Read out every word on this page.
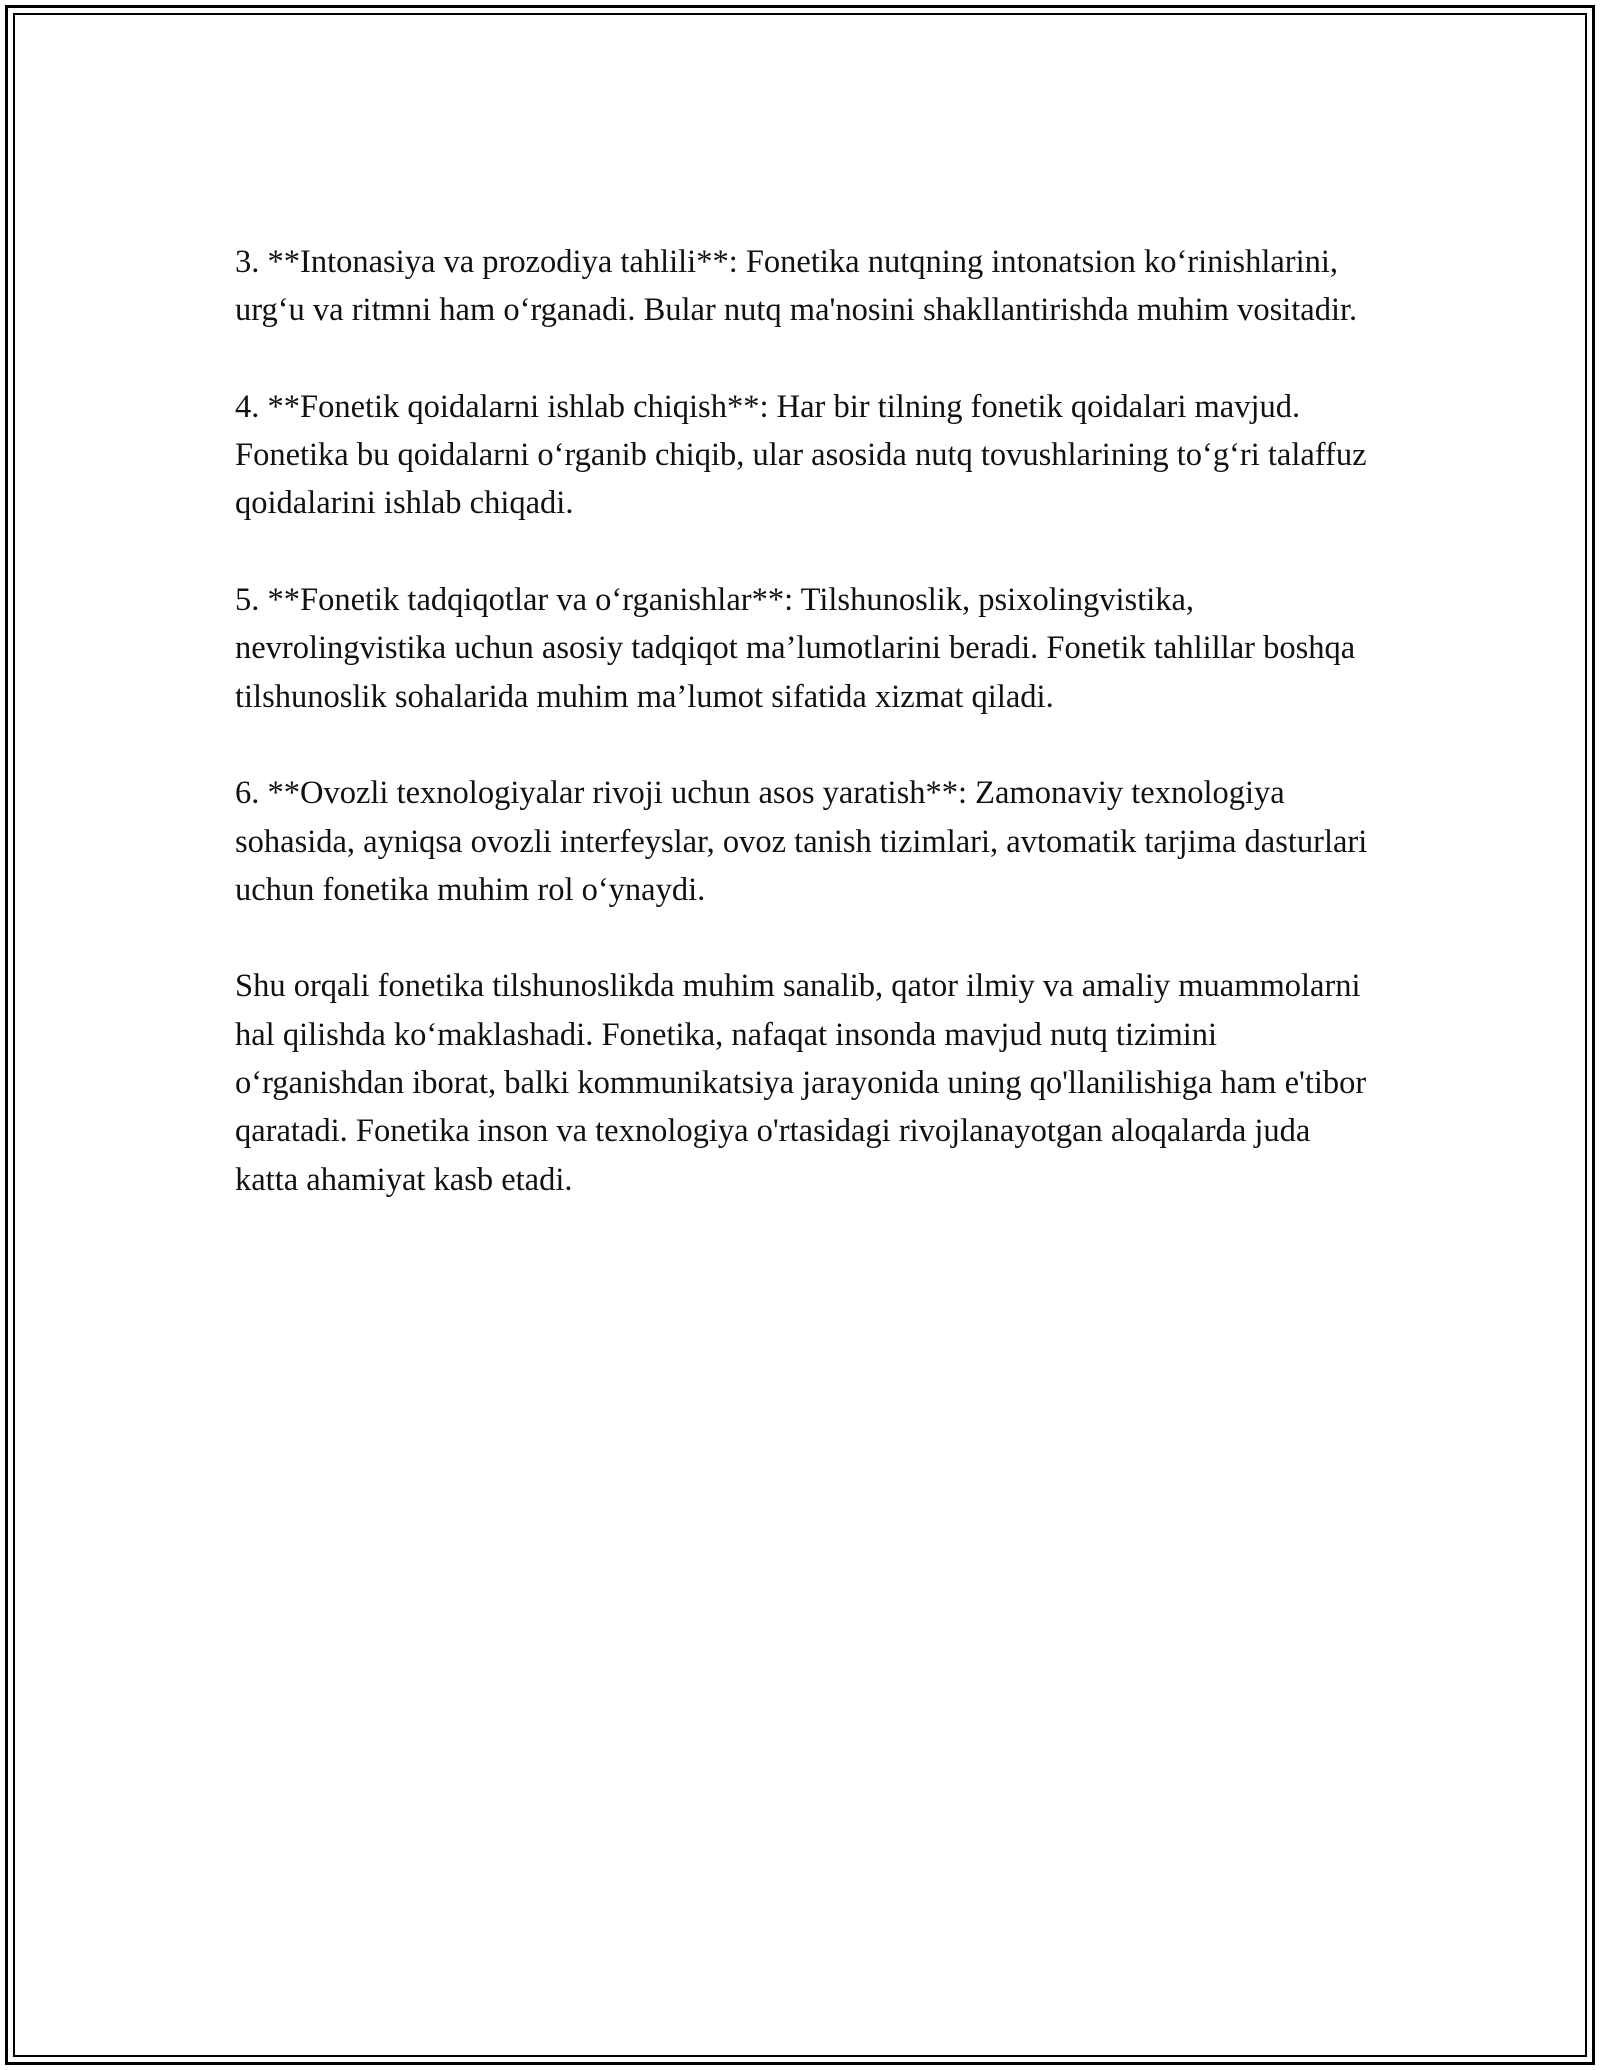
3. **Intonasiya va prozodiya tahlili**: Fonetika nutqning intonatsion ko‘rinishlarini, urg‘u va ritmni ham o‘rganadi. Bular nutq ma'nosini shakllantirishda muhim vositadir.

4. **Fonetik qoidalarni ishlab chiqish**: Har bir tilning fonetik qoidalari mavjud. Fonetika bu qoidalarni o‘rganib chiqib, ular asosida nutq tovushlarining to‘g‘ri talaffuz qoidalarini ishlab chiqadi.

5. **Fonetik tadqiqotlar va o‘rganishlar**: Tilshunoslik, psixolingvistika, nevrolingvistika uchun asosiy tadqiqot ma’lumotlarini beradi. Fonetik tahlillar boshqa tilshunoslik sohalarida muhim ma’lumot sifatida xizmat qiladi.

6. **Ovozli texnologiyalar rivoji uchun asos yaratish**: Zamonaviy texnologiya sohasida, ayniqsa ovozli interfeyslar, ovoz tanish tizimlari, avtomatik tarjima dasturlari uchun fonetika muhim rol o‘ynaydi.

Shu orqali fonetika tilshunoslikda muhim sanalib, qator ilmiy va amaliy muammolarni hal qilishda ko‘maklashadi. Fonetika, nafaqat insonda mavjud nutq tizimini o‘rganishdan iborat, balki kommunikatsiya jarayonida uning qo'llanilishiga ham e'tibor qaratadi. Fonetika inson va texnologiya o'rtasidagi rivojlanayotgan aloqalarda juda katta ahamiyat kasb etadi.
